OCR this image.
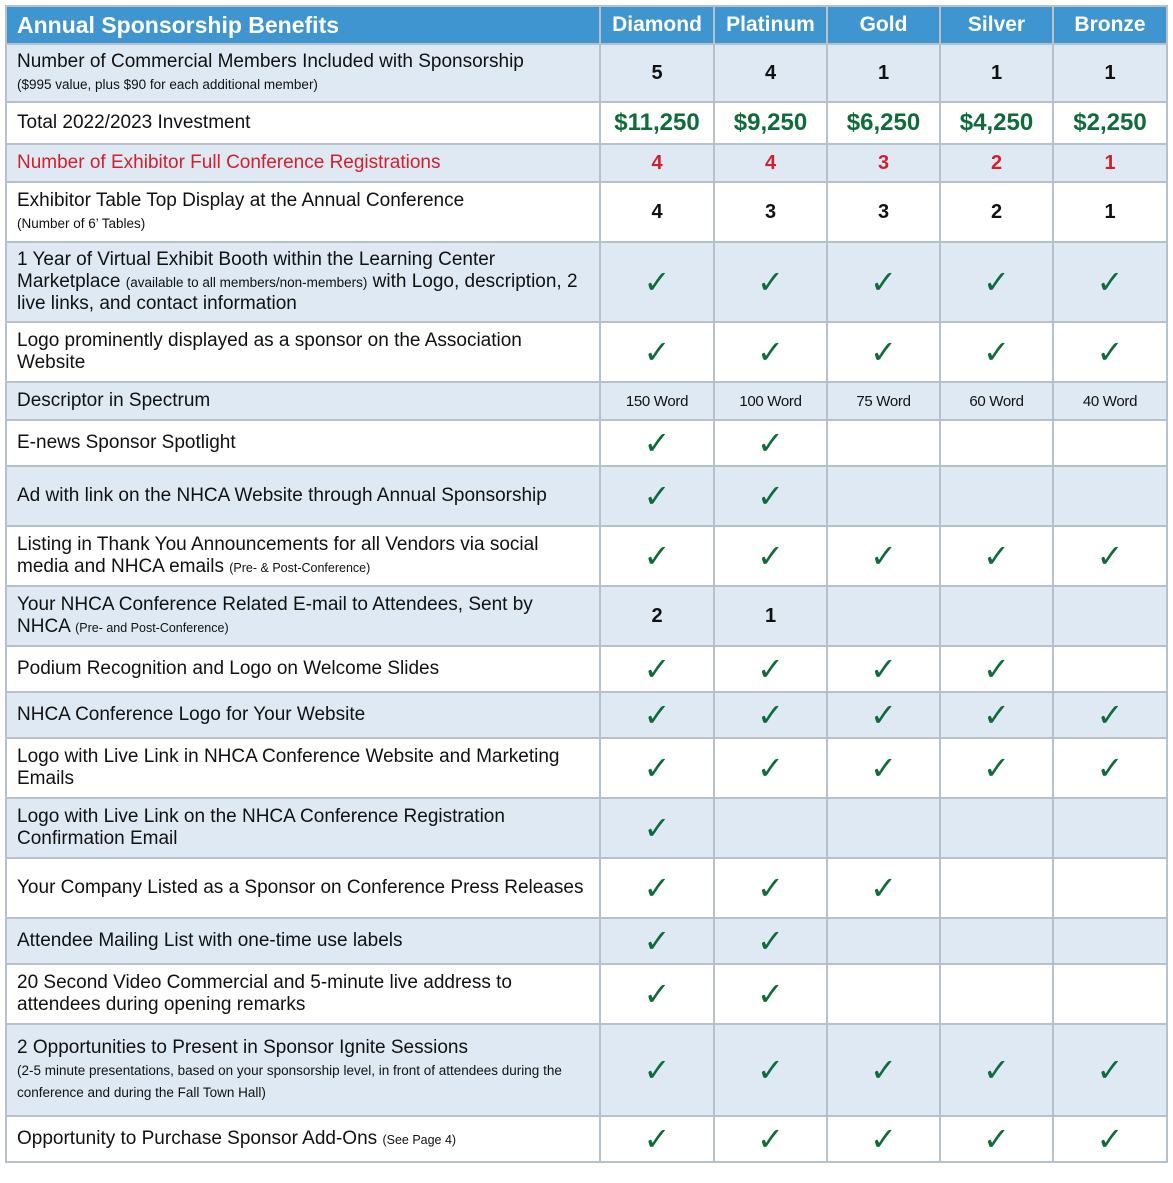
Annual Sponsorship Benefits	Diamond	Platinum	Gold	Silver	Bronze
Number of Commercial Members Included with Sponsorship
($995 value, plus $90 for each additional member)	5	4	1	1	1
Total 2022/2023 Investment	$11,250	$9,250	$6,250	$4,250	$2,250
Number of Exhibitor Full Conference Registrations	4	4	3	2	1
Exhibitor Table Top Display at the Annual Conference
(Number of 6’ Tables)	4	3	3	2	1
1 Year of Virtual Exhibit Booth within the Learning Center Marketplace (available to all members/non-members) with Logo, description, 2 live links, and contact information	✓	✓	✓	✓	✓
Logo prominently displayed as a sponsor on the Association Website	✓	✓	✓	✓	✓
Descriptor in Spectrum	150 Word	100 Word	75 Word	60 Word	40 Word
E-news Sponsor Spotlight	✓	✓			
Ad with link on the NHCA Website through Annual Sponsorship	✓	✓			
Listing in Thank You Announcements for all Vendors via social media and NHCA emails (Pre- & Post-Conference)	✓	✓	✓	✓	✓
Your NHCA Conference Related E-mail to Attendees, Sent by NHCA (Pre- and Post-Conference)	2	1			
Podium Recognition and Logo on Welcome Slides	✓	✓	✓	✓	
NHCA Conference Logo for Your Website	✓	✓	✓	✓	✓
Logo with Live Link in NHCA Conference Website and Marketing Emails	✓	✓	✓	✓	✓
Logo with Live Link on the NHCA Conference Registration Confirmation Email	✓				
Your Company Listed as a Sponsor on Conference Press Releases	✓	✓	✓		
Attendee Mailing List with one-time use labels	✓	✓			
20 Second Video Commercial and 5-minute live address to attendees during opening remarks	✓	✓			
2 Opportunities to Present in Sponsor Ignite Sessions
(2-5 minute presentations, based on your sponsorship level, in front of attendees during the conference and during the Fall Town Hall)	✓	✓	✓	✓	✓
Opportunity to Purchase Sponsor Add-Ons (See Page 4)	✓	✓	✓	✓	✓
